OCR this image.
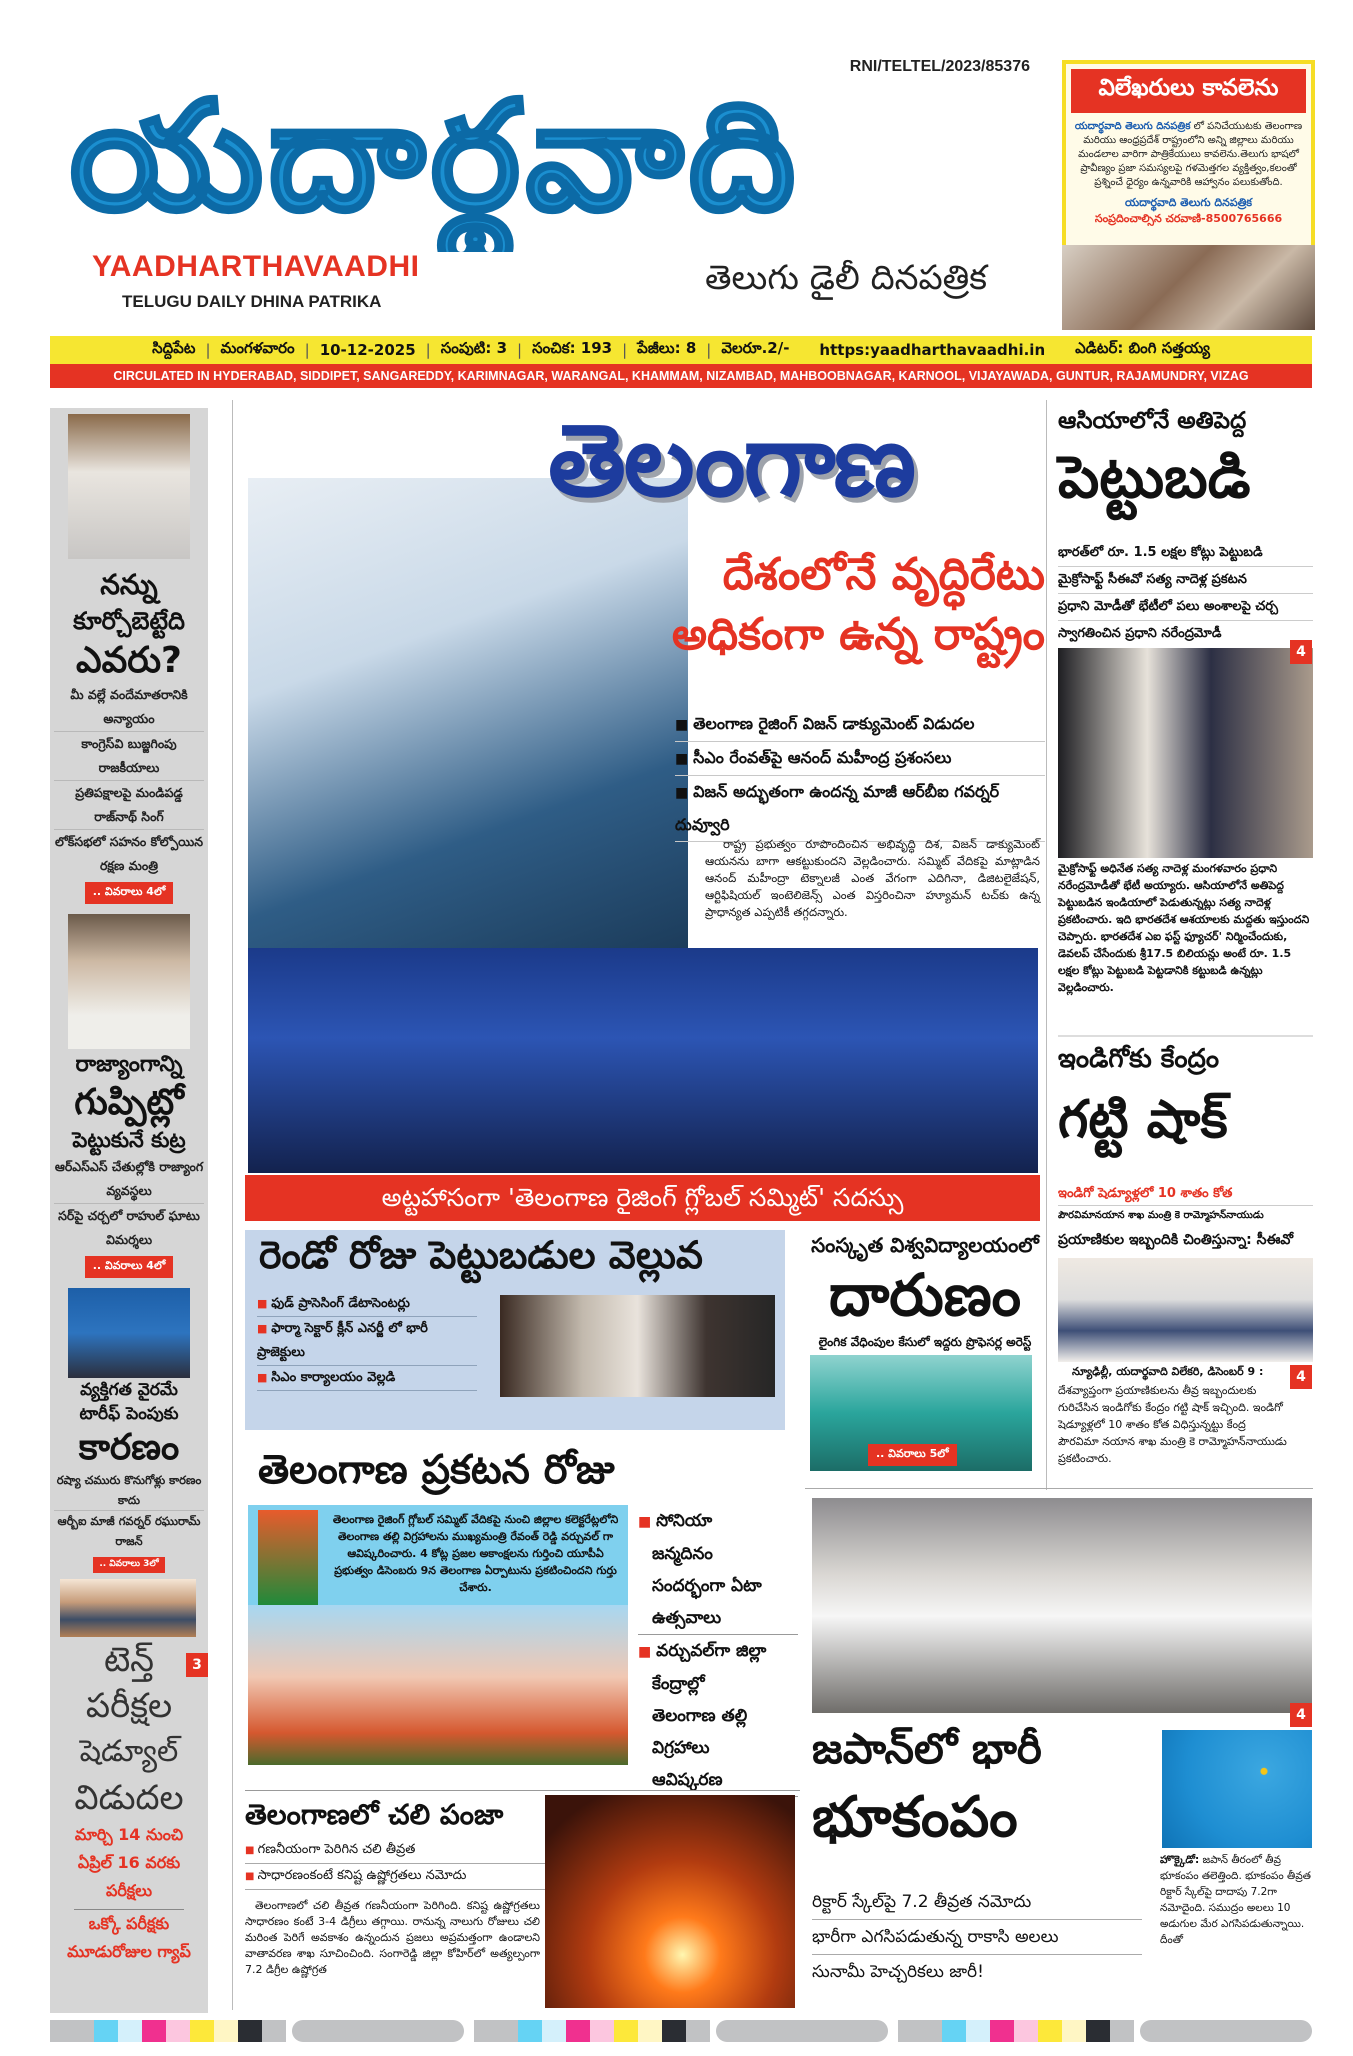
యదార్థవాది
RNI/TELTEL/2023/85376
YAADHARTHAVAADHI
TELUGU DAILY DHINA PATRIKA
తెలుగు డైలీ దినపత్రిక
విలేఖరులు కావలెను
యదార్థవాది తెలుగు దినపత్రిక లో పనిచేయుటకు తెలంగాణ మరియు ఆంధ్రప్రదేశ్ రాష్ట్రంలోని అన్ని జిల్లాలు మరియు మండలాల వారిగా పాత్రికేయులు కావలెను.తెలుగు భాషలో ప్రావీణ్యం ప్రజా సమస్యలపై గళమెత్తగల వ్యక్తిత్వం,కలంతో ప్రశ్నించే ధైర్యం ఉన్నవారికి ఆహ్వానం పలుకుతోంది.
యదార్థవాది తెలుగు దినపత్రిక
సంప్రదించాల్సిన చరవాణి-8500765666
సిద్దిపేట | మంగళవారం | 10-12-2025 | సంపుటి: 3 | సంచిక: 193 | పేజీలు: 8 | వెలరూ.2/- https:yaadharthavaadhi.in ఎడిటర్: బింగి సత్తయ్య
CIRCULATED IN HYDERABAD, SIDDIPET, SANGAREDDY, KARIMNAGAR, WARANGAL, KHAMMAM, NIZAMBAD, MAHBOOBNAGAR, KARNOOL, VIJAYAWADA, GUNTUR, RAJAMUNDRY, VIZAG
నన్ను
కూర్చోబెట్టేది
ఎవరు?
మీ వల్లే వందేమాతరానికి అన్యాయం
కాంగ్రెస్‌వి బుజ్జగింపు రాజకీయాలు
ప్రతిపక్షాలపై మండిపడ్డ రాజ్‌నాథ్ సింగ్
లోక్‌సభలో సహనం కోల్పోయిన రక్షణ మంత్రి
.. వివరాలు 4లో
రాజ్యాంగాన్ని
గుప్పిట్లో
పెట్టుకునే కుట్ర
ఆర్ఎస్ఎస్ చేతుల్లోకి రాజ్యాంగ వ్యవస్థలు
సర్‌పై చర్చలో రాహుల్ ఘాటు విమర్శలు
.. వివరాలు 4లో
వ్యక్తిగత వైరమే
టారీఫ్ పెంపుకు
కారణం
రష్యా చమురు కొనుగోళ్లు కారణం కాదు
ఆర్బీఐ మాజీ గవర్నర్ రఘురామ్ రాజన్
.. వివరాలు 3లో
3
టెన్త్
పరీక్షల
షెడ్యూల్
విడుదల
మార్చి 14 నుంచి ఏప్రిల్ 16 వరకు పరీక్షలు
ఒక్కో పరీక్షకు మూడురోజుల గ్యాప్
తెలంగాణ
దేశంలోనే వృద్ధిరేటు
అధికంగా ఉన్న రాష్ట్రం
■ తెలంగాణ రైజింగ్ విజన్ డాక్యుమెంట్ విడుదల
■ సీఎం రేంవత్‌పై ఆనంద్ మహీంద్ర ప్రశంసలు
■ విజన్ అద్భుతంగా ఉందన్న మాజీ ఆర్‌బీఐ గవర్నర్ దువ్వూరి
రాష్ట్ర ప్రభుత్వం రూపొందించిన అభివృద్ధి దిశ, విజన్ డాక్యుమెంట్ ఆయనను బాగా ఆకట్టుకుందని వెల్లడించారు. సమ్మిట్ వేదికపై మాట్లాడిన ఆనంద్ మహీంద్రా టెక్నాలజీ ఎంత వేగంగా ఎదిగినా, డిజిటలైజేషన్, ఆర్టిఫిషియల్ ఇంటెలిజెన్స్ ఎంత విస్తరించినా హ్యూమన్ టచ్‌కు ఉన్న ప్రాధాన్యత ఎప్పటికీ తగ్గదన్నారు.
అట్టహాసంగా 'తెలంగాణ రైజింగ్ గ్లోబల్ సమ్మిట్' సదస్సు
రెండో రోజు పెట్టుబడుల వెల్లువ
■ ఫుడ్ ప్రాసెసింగ్ డేటాసెంటర్లు
■ ఫార్మా సెక్టార్ క్లీన్ ఎనర్జీ లో భారీ ప్రాజెక్టులు
■ సిఎం కార్యాలయం వెల్లడి
సంస్కృత విశ్వవిద్యాలయంలో
దారుణం
లైంగిక వేధింపుల కేసులో ఇద్దరు ప్రొఫెసర్ల అరెస్ట్
.. వివరాలు 5లో
తెలంగాణ ప్రకటన రోజు
తెలంగాణ రైజింగ్ గ్లోబల్ సమ్మిట్ వేదికపై నుంచి జిల్లాల కలెక్టరేట్లలోని తెలంగాణ తల్లి విగ్రహాలను ముఖ్యమంత్రి రేవంత్ రెడ్డి వర్చువల్ గా ఆవిష్కరించారు. 4 కోట్ల ప్రజల అకాంక్షలను గుర్తించి యూపీఏ ప్రభుత్వం డిసెంబరు 9న తెలంగాణ ఏర్పాటును ప్రకటించిందని గుర్తు చేశారు.
■ సోనియా
జన్మదినం
సందర్భంగా ఏటా
ఉత్సవాలు
■ వర్చువల్‌గా జిల్లా
కేంద్రాల్లో
తెలంగాణ తల్లి
విగ్రహాలు
ఆవిష్కరణ
తెలంగాణలో చలి పంజా
■ గణనీయంగా పెరిగిన చలి తీవ్రత
■ సాధారణంకంటే కనిష్ట ఉష్ణోగ్రతలు నమోదు
తెలంగాణలో చలి తీవ్రత గణనీయంగా పెరిగింది. కనిష్ట ఉష్ణోగ్రతలు సాధారణం కంటే 3-4 డిగ్రీలు తగ్గాయి. రానున్న నాలుగు రోజులు చలి మరింత పెరిగే అవకాశం ఉన్నందున ప్రజలు అప్రమత్తంగా ఉండాలని వాతావరణ శాఖ సూచించింది. సంగారెడ్డి జిల్లా కోహిర్‌లో అత్యల్పంగా 7.2 డిగ్రీల ఉష్ణోగ్రత
ఆసియాలోనే అతిపెద్ద
పెట్టుబడి
భారత్‌లో రూ. 1.5 లక్షల కోట్లు పెట్టుబడి
మైక్రోసాఫ్ట్ సీఈవో సత్య నాదెళ్ల ప్రకటన
ప్రధాని మోడీతో భేటీలో పలు అంశాలపై చర్చ
స్వాగతించిన ప్రధాని నరేంద్రమోడీ
4
మైక్రోసాఫ్ట్ అధినేత సత్య నాదెళ్ల మంగళవారం ప్రధాని నరేంద్రమోడీతో భేటీ అయ్యారు. ఆసియాలోనే అతిపెద్ద పెట్టుబడిన ఇండియాలో పెడుతున్నట్లు సత్య నాదెళ్ల ప్రకటించారు. ఇది భారతదేశ ఆశయాలకు మద్దతు ఇస్తుందని చెప్పారు. భారతదేశ ఎఐ ఫస్ట్ ఫ్యూచర్' నిర్మించేందుకు, డెవలప్ చేసేందుకు శ్రీ17.5 బిలియన్లు అంటే రూ. 1.5 లక్షల కోట్లు పెట్టుబడి పెట్టడానికి కట్టుబడి ఉన్నట్లు వెల్లడించారు.
ఇండిగోకు కేంద్రం
గట్టి షాక్
ఇండిగో షెడ్యూళ్లలో 10 శాతం కోత
పౌరవిమానయాన శాఖ మంత్రి కె రామ్మోహన్‌నాయుడు
ప్రయాణికుల ఇబ్బందికి చింతిస్తున్నా: సీఈవో
న్యూఢిల్లీ, యదార్థవాది విలేకరి, డిసెంబర్ 9 :	4
దేశవ్యాప్తంగా ప్రయాణికులను తీవ్ర ఇబ్బందులకు గురిచేసిన ఇండిగోకు కేంద్రం గట్టి షాక్ ఇచ్చింది. ఇండిగో షెడ్యూళ్లలో 10 శాతం కోత విధిస్తున్నట్టు కేంద్ర పౌరవిమా నయాన శాఖ మంత్రి కె రామ్మోహన్‌నాయుడు ప్రకటించారు.
4
జపాన్‌లో భారీ
భూకంపం
రిక్టార్ స్కేల్‌పై 7.2 తీవ్రత నమోదు
భారీగా ఎగసిపడుతున్న రాకాసి అలలు
సునామీ హెచ్చరికలు జారీ!
హొక్కైడో: జపాన్ తీరంలో తీవ్ర భూకంపం తలెత్తింది. భూకంపం తీవ్రత రిక్టార్ స్కేల్‌పై దాదాపు 7.2గా నమోదైంది. సముద్రం అలలు 10 అడుగుల మేర ఎగసిపడుతున్నాయి. దీంతో
